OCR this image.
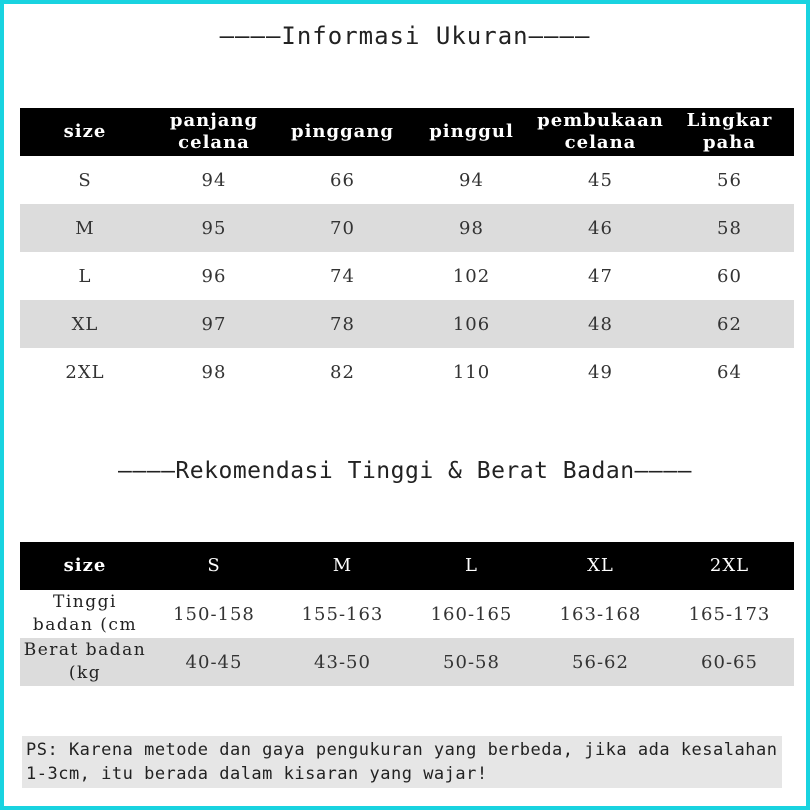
————Informasi Ukuran————
size	panjang celana	pinggang	pinggul	pembukaan celana	Lingkar paha
S	94	66	94	45	56
M	95	70	98	46	58
L	96	74	102	47	60
XL	97	78	106	48	62
2XL	98	82	110	49	64
————Rekomendasi Tinggi & Berat Badan————
size	S	M	L	XL	2XL
Tinggi badan (cm	150-158	155-163	160-165	163-168	165-173
Berat badan (kg	40-45	43-50	50-58	56-62	60-65
PS: Karena metode dan gaya pengukuran yang berbeda, jika ada kesalahan 1-3cm, itu berada dalam kisaran yang wajar!
